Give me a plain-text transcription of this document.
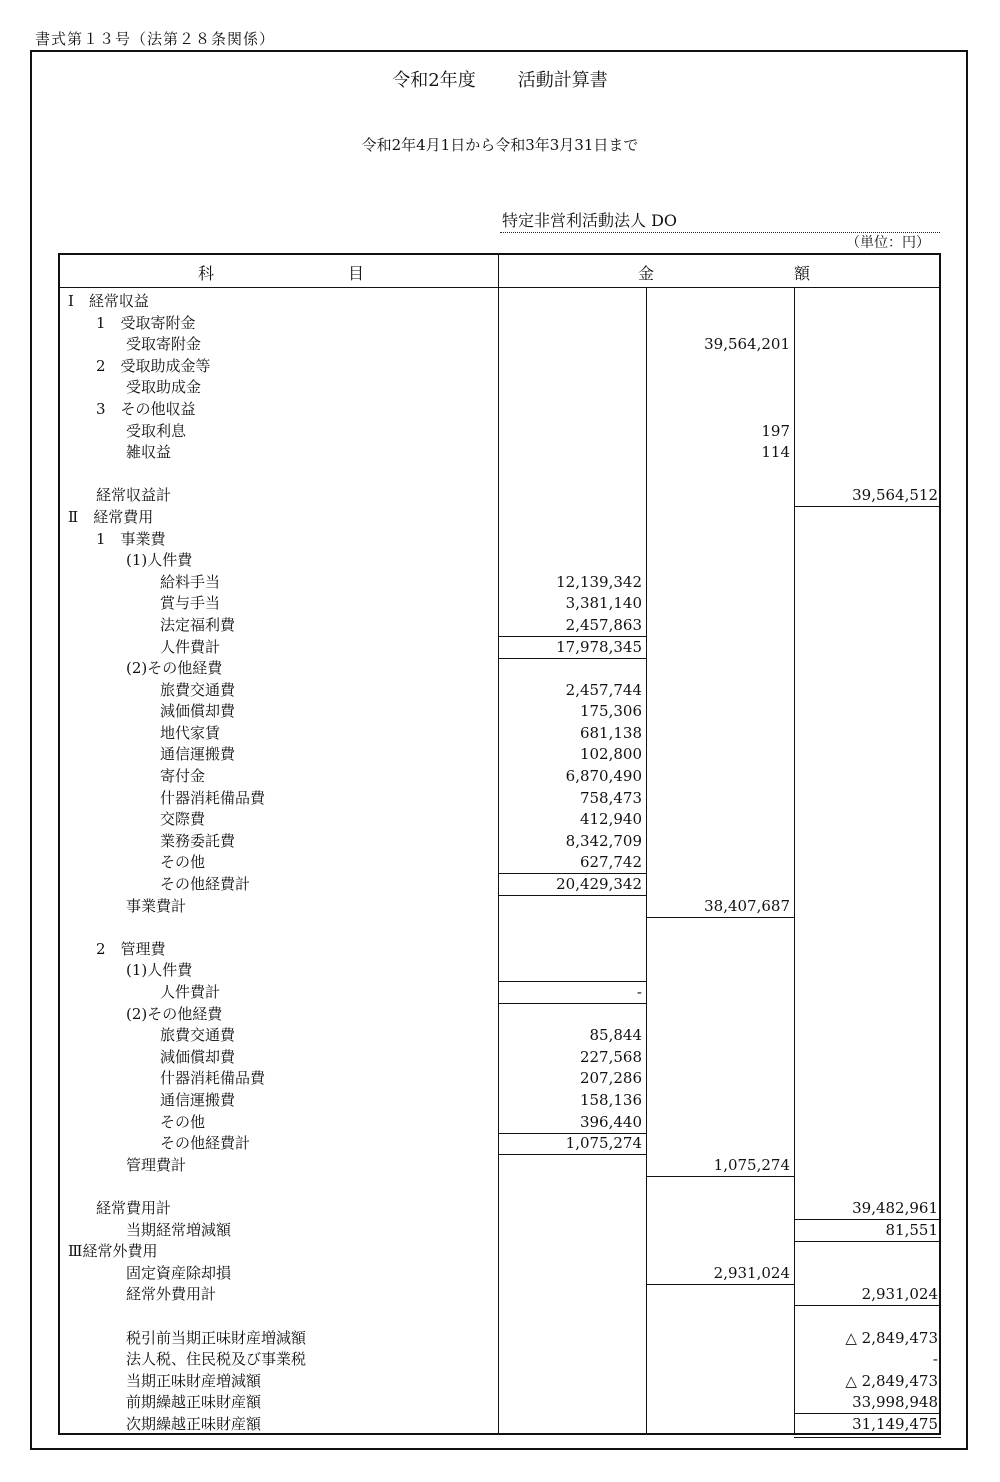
書式第１３号（法第２８条関係）
令和2年度 活動計算書
令和2年4月1日から令和3年3月31日まで
特定非営利活動法人 DO
（単位：円）
科	目	金	額
Ⅰ　経常収益
1　受取寄附金
受取寄附金	39,564,201
2　受取助成金等
受取助成金
3　その他収益
受取利息	197
雑収益	114
経常収益計	39,564,512
Ⅱ　経常費用
1　事業費
(1)人件費
給料手当	12,139,342
賞与手当	3,381,140
法定福利費	2,457,863
人件費計	17,978,345
(2)その他経費
旅費交通費	2,457,744
減価償却費	175,306
地代家賃	681,138
通信運搬費	102,800
寄付金	6,870,490
什器消耗備品費	758,473
交際費	412,940
業務委託費	8,342,709
その他	627,742
その他経費計	20,429,342
事業費計	38,407,687
2　管理費
(1)人件費
人件費計	-
(2)その他経費
旅費交通費	85,844
減価償却費	227,568
什器消耗備品費	207,286
通信運搬費	158,136
その他	396,440
その他経費計	1,075,274
管理費計	1,075,274
経常費用計	39,482,961
当期経常増減額	81,551
Ⅲ経常外費用
固定資産除却損	2,931,024
経常外費用計	2,931,024
税引前当期正味財産増減額	△ 2,849,473
法人税、住民税及び事業税	-
当期正味財産増減額	△ 2,849,473
前期繰越正味財産額	33,998,948
次期繰越正味財産額	31,149,475
